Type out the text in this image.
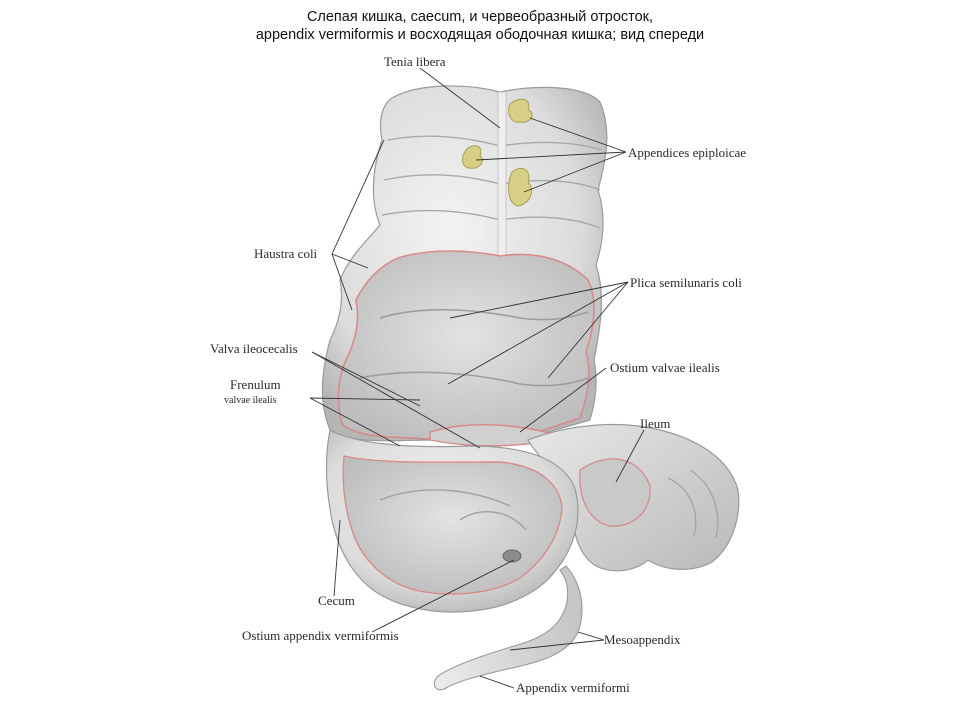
Слепая кишка, caecum, и червеобразный отросток,
appendix vermiformis и восходящая ободочная кишка; вид спереди
Tenia libera
Appendices epiploicae
Haustra coli
Plica semilunaris coli
Valva ileocecalis
Ostium valvae ilealis
Frenulum
valvae ilealis
Ileum
Cecum
Ostium appendix vermiformis	Mesoappendix
Appendix vermiformi
